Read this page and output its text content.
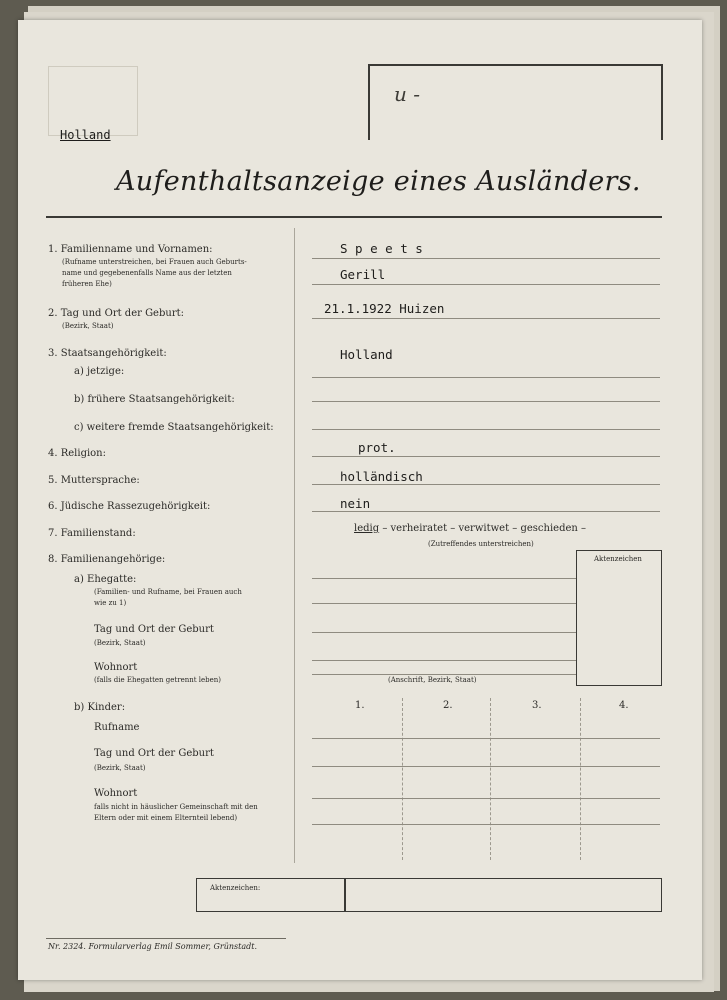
u -
Holland
Aufenthaltsanzeige eines Ausländers.
1. Familienname und Vornamen:
(Rufname unterstreichen, bei Frauen auch Geburts-
name und gegebenenfalls Name aus der letzten
früheren Ehe)
S p e e t s
Gerill
2. Tag und Ort der Geburt:
(Bezirk, Staat)
21.1.1922 Huizen
3. Staatsangehörigkeit:
a) jetzige:
Holland
b) frühere Staatsangehörigkeit:
c) weitere fremde Staatsangehörigkeit:
4. Religion:	prot.
5. Muttersprache:	holländisch
6. Jüdische Rassezugehörigkeit:	nein
7. Familienstand:	ledig – verheiratet – verwitwet – geschieden –
(Zutreffendes unterstreichen)
Aktenzeichen
8. Familienangehörige:
a) Ehegatte:
(Familien- und Rufname, bei Frauen auch
wie zu 1)
Tag und Ort der Geburt
(Bezirk, Staat)
Wohnort
(falls die Ehegatten getrennt leben)	(Anschrift, Bezirk, Staat)
b) Kinder:	1.	2.	3.	4.
Rufname
Tag und Ort der Geburt
(Bezirk, Staat)
Wohnort
falls nicht in häuslicher Gemeinschaft mit den
Eltern oder mit einem Elternteil lebend)
Aktenzeichen:
Nr. 2324. Formularverlag Emil Sommer, Grünstadt.
